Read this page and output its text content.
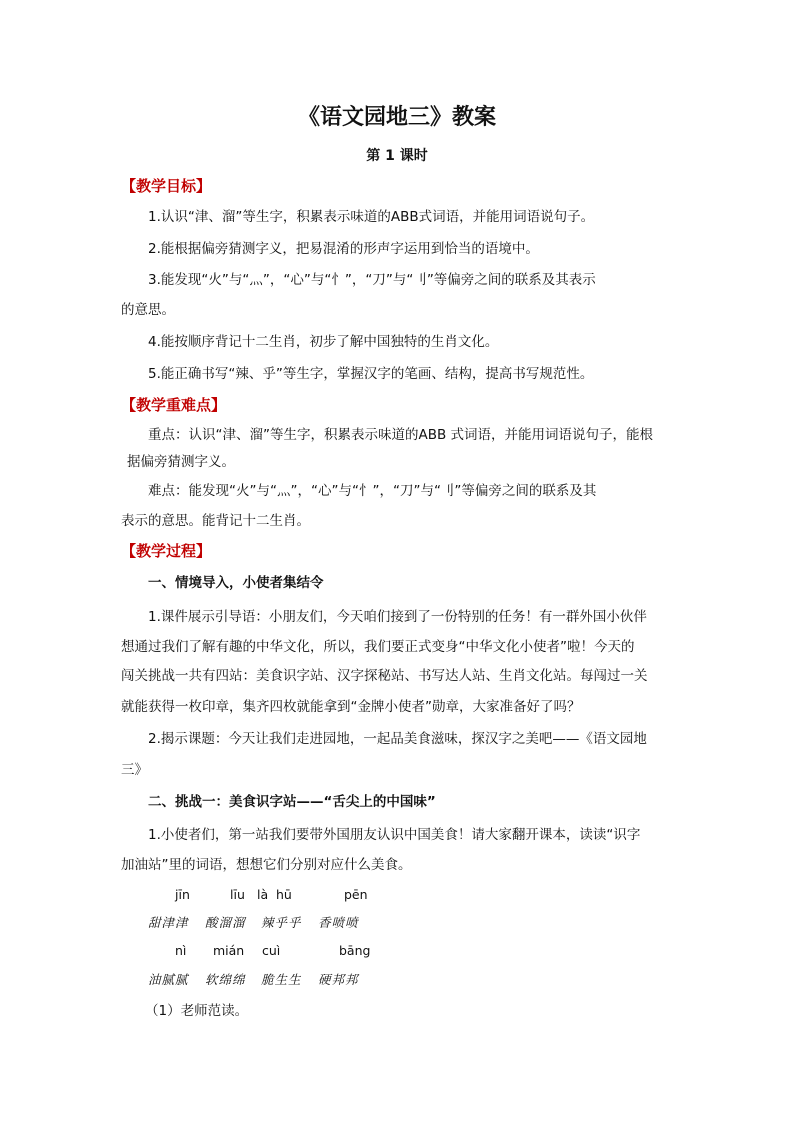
《语文园地三》教案
第 1 课时
【教学目标】
1.认识“津、溜”等生字，积累表示味道的ABB式词语，并能用词语说句子。
2.能根据偏旁猜测字义，把易混淆的形声字运用到恰当的语境中。
3.能发现“火”与“灬”，“心”与“忄”，“刀”与“刂”等偏旁之间的联系及其表示
的意思。
4.能按顺序背记十二生肖，初步了解中国独特的生肖文化。
5.能正确书写“辣、乎”等生字，掌握汉字的笔画、结构，提高书写规范性。
【教学重难点】
重点：认识“津、溜”等生字，积累表示味道的ABB 式词语，并能用词语说句子，能根
据偏旁猜测字义。
难点：能发现“火”与“灬”，“心”与“忄”，“刀”与“刂”等偏旁之间的联系及其
表示的意思。能背记十二生肖。
【教学过程】
一、情境导入，小使者集结令
1.课件展示引导语：小朋友们，今天咱们接到了一份特别的任务！有一群外国小伙伴
想通过我们了解有趣的中华文化，所以，我们要正式变身“中华文化小使者”啦！今天的
闯关挑战一共有四站：美食识字站、汉字探秘站、书写达人站、生肖文化站。每闯过一关
就能获得一枚印章，集齐四枚就能拿到“金牌小使者”勋章，大家准备好了吗？
2.揭示课题：今天让我们走进园地，一起品美食滋味，探汉字之美吧——《语文园地
三》
二、挑战一：美食识字站——“舌尖上的中国味”
1.小使者们，第一站我们要带外国朋友认识中国美食！请大家翻开课本，读读“识字
加油站”里的词语，想想它们分别对应什么美食。
jīn	līu là hū	pēn
甜津津 酸溜溜 辣乎乎 香喷喷
nì mián cuì	bāng
油腻腻 软绵绵 脆生生 硬邦邦
（1）老师范读。
